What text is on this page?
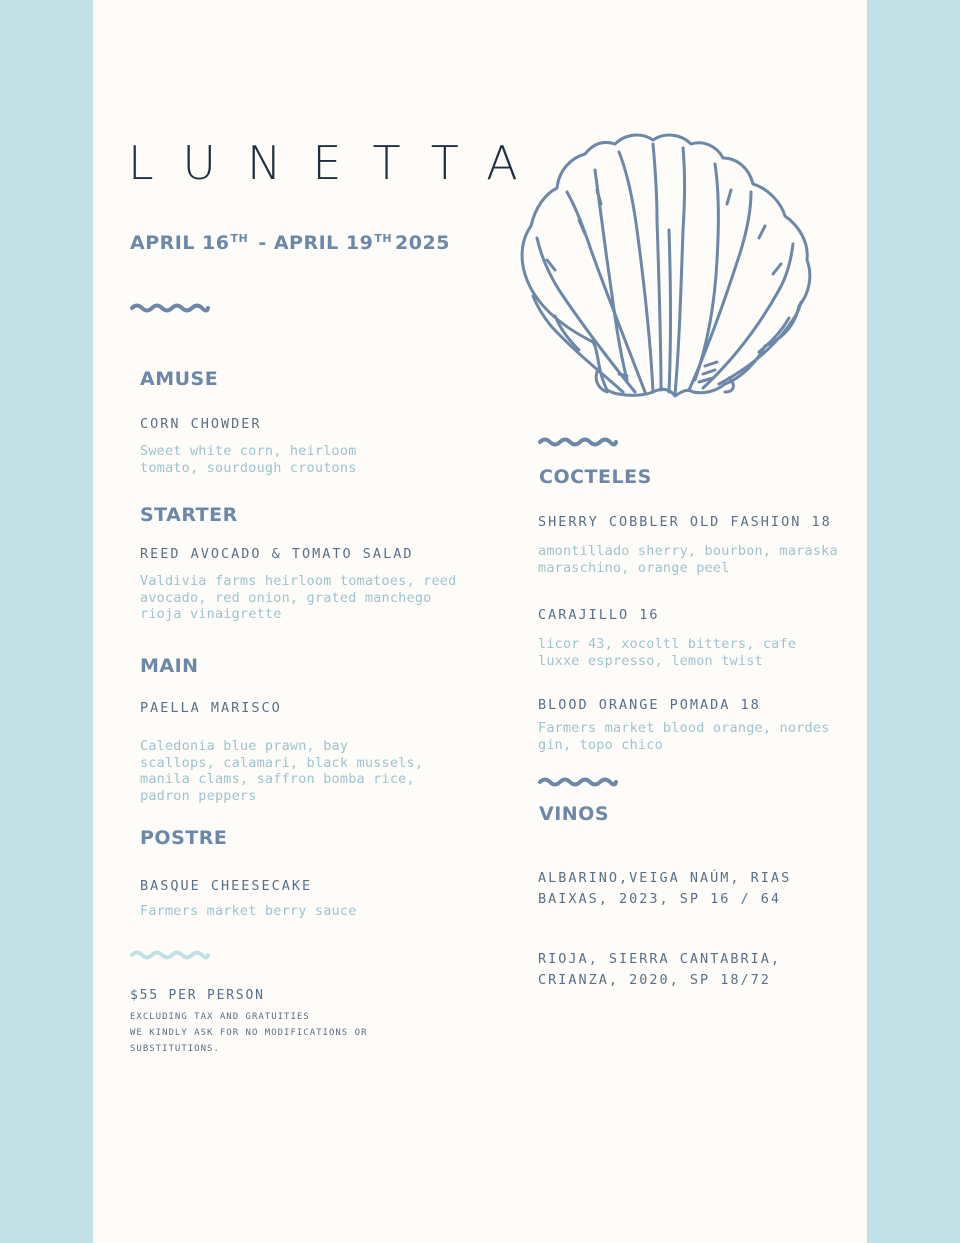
LUNETTA
APRIL 16TH - APRIL 19TH 2025
AMUSE
CORN CHOWDER
Sweet white corn, heirloom tomato, sourdough croutons
STARTER
REED AVOCADO & TOMATO SALAD
Valdivia farms heirloom tomatoes, reed avocado, red onion, grated manchego
rioja vinaigrette
MAIN
PAELLA MARISCO
Caledonia blue prawn, bay scallops, calamari, black mussels, manila clams, saffron bomba rice, padron peppers
POSTRE
BASQUE CHEESECAKE
Farmers market berry sauce
$55 PER PERSON
EXCLUDING TAX AND GRATUITIES
WE KINDLY ASK FOR NO MODIFICATIONS OR
SUBSTITUTIONS.
COCTELES
SHERRY COBBLER OLD FASHION 18
amontillado sherry, bourbon, maraska maraschino, orange peel
CARAJILLO 16
licor 43, xocoltl bitters, cafe luxxe espresso, lemon twist
BLOOD ORANGE POMADA 18
Farmers market blood orange, nordes gin, topo chico
VINOS
ALBARINO,VEIGA NAÚM, RIAS BAIXAS, 2023, SP 16 / 64
RIOJA, SIERRA CANTABRIA, CRIANZA, 2020, SP 18/72
